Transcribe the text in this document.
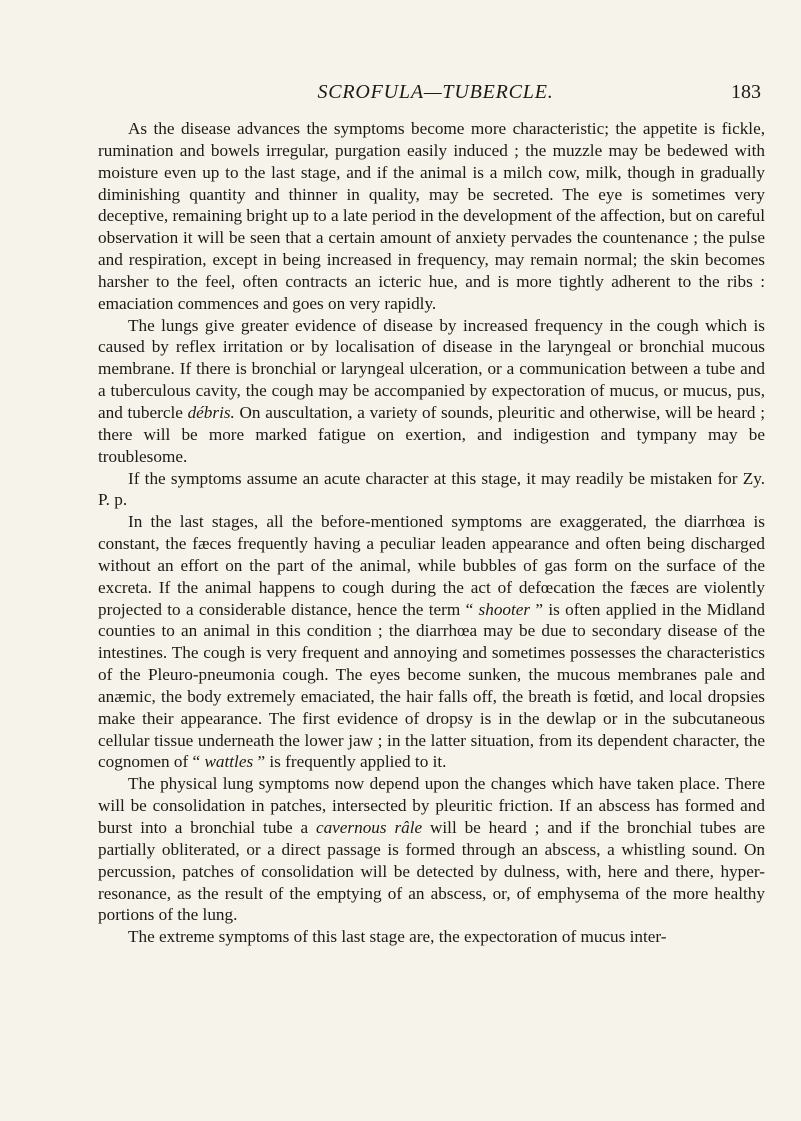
SCROFULA—TUBERCLE.	183

As the disease advances the symptoms become more characteristic; the appetite is fickle, rumination and bowels irregular, purgation easily induced ; the muzzle may be bedewed with moisture even up to the last stage, and if the animal is a milch cow, milk, though in gradually diminishing quantity and thinner in quality, may be secreted. The eye is sometimes very deceptive, remaining bright up to a late period in the development of the affection, but on careful observation it will be seen that a certain amount of anxiety pervades the countenance ; the pulse and respiration, except in being increased in frequency, may remain normal; the skin becomes harsher to the feel, often contracts an icteric hue, and is more tightly adherent to the ribs : emaciation commences and goes on very rapidly.

The lungs give greater evidence of disease by increased frequency in the cough which is caused by reflex irritation or by localisation of disease in the laryngeal or bronchial mucous membrane. If there is bronchial or laryngeal ulceration, or a communication between a tube and a tuberculous cavity, the cough may be accompanied by expectoration of mucus, or mucus, pus, and tubercle débris. On auscultation, a variety of sounds, pleuritic and otherwise, will be heard ; there will be more marked fatigue on exertion, and indigestion and tympany may be troublesome.

If the symptoms assume an acute character at this stage, it may readily be mistaken for Zy. P. p.

In the last stages, all the before-mentioned symptoms are exaggerated, the diarrhœa is constant, the fæces frequently having a peculiar leaden appearance and often being discharged without an effort on the part of the animal, while bubbles of gas form on the surface of the excreta. If the animal happens to cough during the act of defœcation the fæces are violently projected to a considerable distance, hence the term “ shooter ” is often applied in the Midland counties to an animal in this condition ; the diarrhœa may be due to secondary disease of the intestines. The cough is very frequent and annoying and sometimes possesses the characteristics of the Pleuro-pneumonia cough. The eyes become sunken, the mucous membranes pale and anæmic, the body extremely emaciated, the hair falls off, the breath is fœtid, and local dropsies make their appearance. The first evidence of dropsy is in the dewlap or in the subcutaneous cellular tissue underneath the lower jaw ; in the latter situation, from its dependent character, the cognomen of “ wattles ” is frequently applied to it.

The physical lung symptoms now depend upon the changes which have taken place. There will be consolidation in patches, intersected by pleuritic friction. If an abscess has formed and burst into a bronchial tube a cavernous râle will be heard ; and if the bronchial tubes are partially obliterated, or a direct passage is formed through an abscess, a whistling sound. On percussion, patches of consolidation will be detected by dulness, with, here and there, hyper-resonance, as the result of the emptying of an abscess, or, of emphysema of the more healthy portions of the lung.

The extreme symptoms of this last stage are, the expectoration of mucus inter-
